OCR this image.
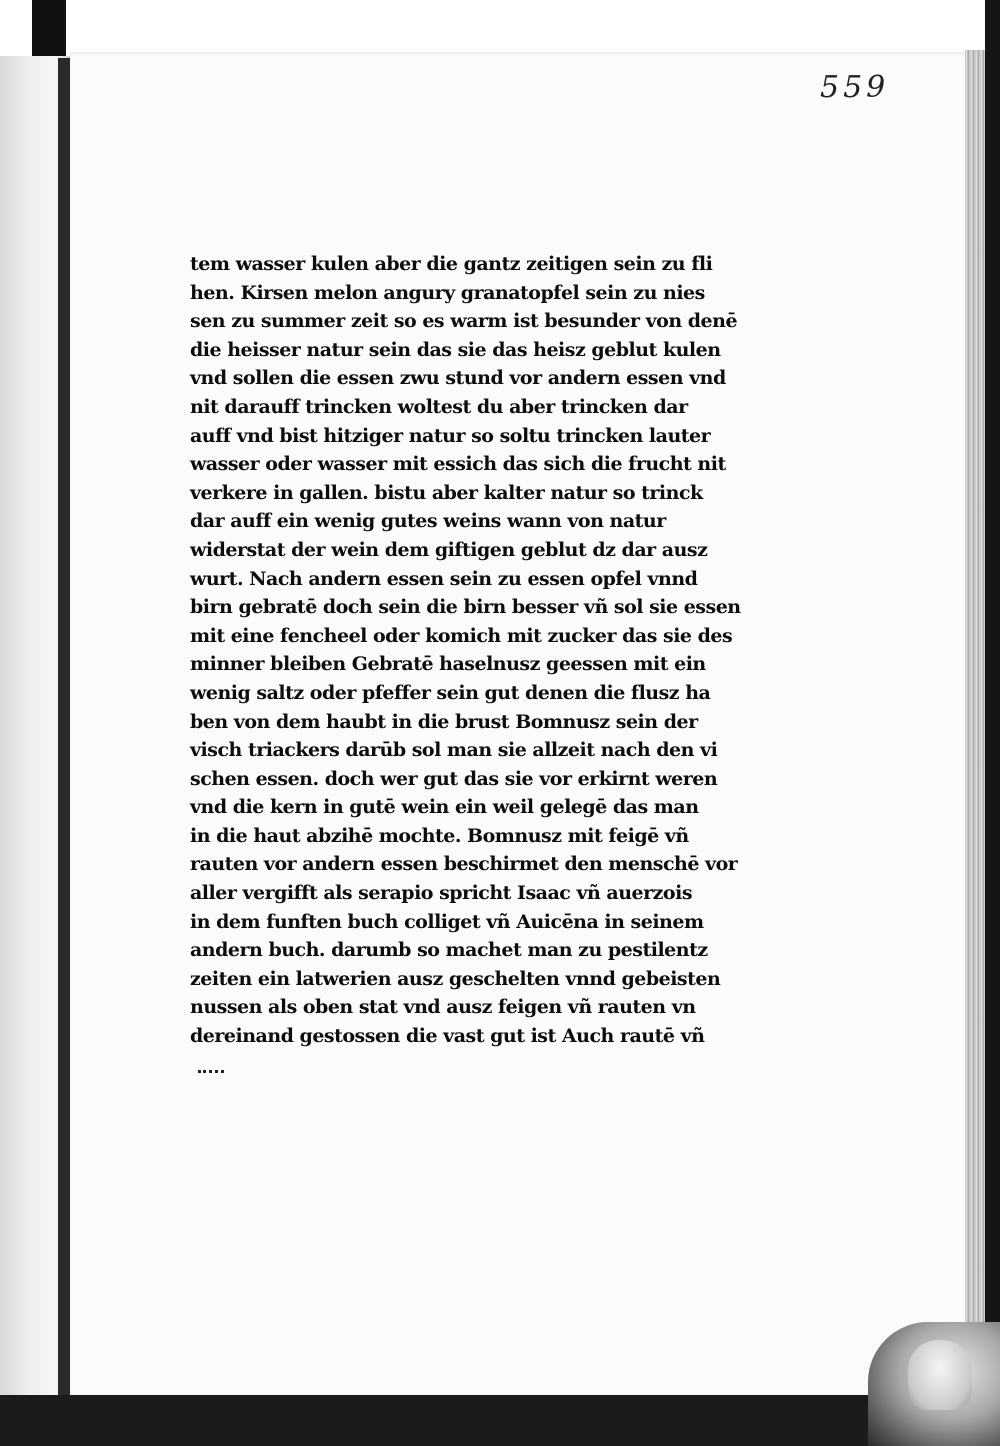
559
tem wasser kulen aber die gantz zeitigen sein zu fli
hen. Kirsen melon angury granatopfel sein zu nies
sen zu summer zeit so es warm ist besunder von denē
die heisser natur sein das sie das heisz geblut kulen
vnd sollen die essen zwu stund vor andern essen vnd
nit darauff trincken woltest du aber trincken dar
auff vnd bist hitziger natur so soltu trincken lauter
wasser oder wasser mit essich das sich die frucht nit
verkere in gallen. bistu aber kalter natur so trinck
dar auff ein wenig gutes weins wann von natur
widerstat der wein dem giftigen geblut dz dar ausz
wurt. Nach andern essen sein zu essen opfel vnnd
birn gebratē doch sein die birn besser vñ sol sie essen
mit eine fencheel oder komich mit zucker das sie des
minner bleiben Gebratē haselnusz geessen mit ein
wenig saltz oder pfeffer sein gut denen die flusz ha
ben von dem haubt in die brust Bomnusz sein der
visch triackers darūb sol man sie allzeit nach den vi
schen essen. doch wer gut das sie vor erkirnt weren
vnd die kern in gutē wein ein weil gelegē das man
in die haut abzihē mochte. Bomnusz mit feigē vñ
rauten vor andern essen beschirmet den menschē vor
aller vergifft als serapio spricht Isaac vñ auerzois
in dem funften buch colliget vñ Auicēna in seinem
andern buch. darumb so machet man zu pestilentz
zeiten ein latwerien ausz geschelten vnnd gebeisten
nussen als oben stat vnd ausz feigen vñ rauten vn
dereinand gestossen die vast gut ist Auch rautē vñ
